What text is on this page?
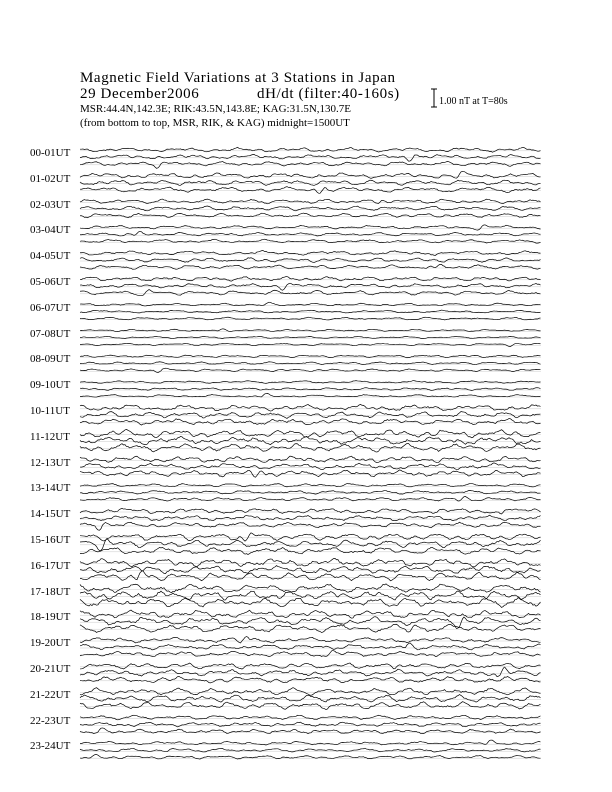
Magnetic Field Variations at 3 Stations in Japan
29 December2006	dH/dt (filter:40-160s)
MSR:44.4N,142.3E; RIK:43.5N,143.8E; KAG:31.5N,130.7E
(from bottom to top, MSR, RIK, & KAG) midnight=1500UT
1.00 nT at T=80s
00-01UT
01-02UT
02-03UT
03-04UT
04-05UT
05-06UT
06-07UT
07-08UT
08-09UT
09-10UT
10-11UT
11-12UT
12-13UT
13-14UT
14-15UT
15-16UT
16-17UT
17-18UT
18-19UT
19-20UT
20-21UT
21-22UT
22-23UT
23-24UT
